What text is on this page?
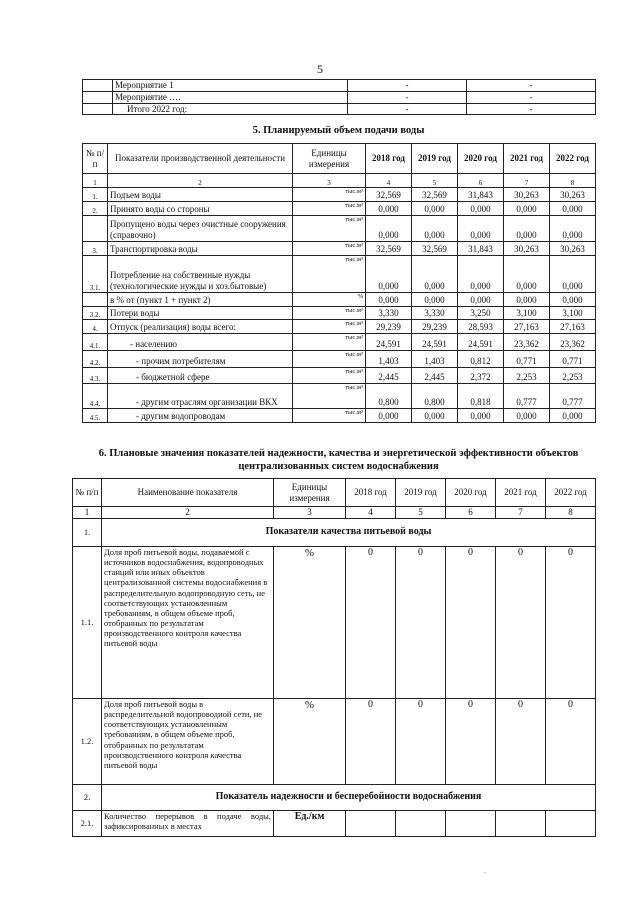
5
	Мероприятие 1	-	-
	Мероприятие ….	-	-
	Итого 2022 год:	-	-
5. Планируемый объем подачи воды
№ п/п	Показатели производственной деятельности	Единицы измерения	2018 год	2019 год	2020 год	2021 год	2022 год
1	2	3	4	5	6	7	8
1.	Подъем воды	тыс.м³	32,569	32,569	31,843	30,263	30,263
2.	Принято воды со стороны	тыс.м³	0,000	0,000	0,000	0,000	0,000
	Пропущено воды через очистные сооружения (справочно)	тыс.м³	0,000	0,000	0,000	0,000	0,000
3.	Транспортировка воды	тыс.м³	32,569	32,569	31,843	30,263	30,263
3.1.	Потребление на собственные нужды (технологические нужды и хоз.бытовые)	тыс.м³	0,000	0,000	0,000	0,000	0,000
	в % от (пункт 1 + пункт 2)	%	0,000	0,000	0,000	0,000	0,000
3.2.	Потери воды	тыс.м³	3,330	3,330	3,250	3,100	3,100
4.	Отпуск (реализация) воды всего:	тыс.м³	29,239	29,239	28,593	27,163	27,163
4.1.	- населению	тыс.м³	24,591	24,591	24,591	23,362	23,362
4.2.	- прочим потребителям	тыс.м³	1,403	1,403	0,812	0,771	0,771
4.3.	- бюджетной сфере	тыс.м³	2,445	2,445	2,372	2,253	2,253
4.4.	- другим отраслям организации ВКХ	тыс.м³	0,800	0,800	0,818	0,777	0,777
4.5.	- другим водопроводам	тыс.м³	0,000	0,000	0,000	0,000	0,000
6. Плановые значения показателей надежности, качества и энергетической эффективности объектов централизованных систем водоснабжения
№ п/п	Наименование показателя	Единицы измерения	2018 год	2019 год	2020 год	2021 год	2022 год
1	2	3	4	5	6	7	8
1.	Показатели качества питьевой воды						
1.1.	Доля проб питьевой воды, подаваемой с источников водоснабжения, водопроводных станций или иных объектов централизованной системы водоснабжения в распределительную водопроводную сеть, не соответствующих установленным требованиям, в общем объеме проб, отобранных по результатам производственного контроля качества питьевой воды	%	0	0	0	0	0
1.2.	Доля проб питьевой воды в распределительной водопроводной сети, не соответствующих установленным требованиям, в общем объеме проб, отобранных по результатам производственного контроля качества питьевой воды	%	0	0	0	0	0
2.	Показатель надежности и бесперебойности водоснабжения						
2.1.	Количество перерывов в подаче воды, зафиксированных в местах	Ед./км					
.
